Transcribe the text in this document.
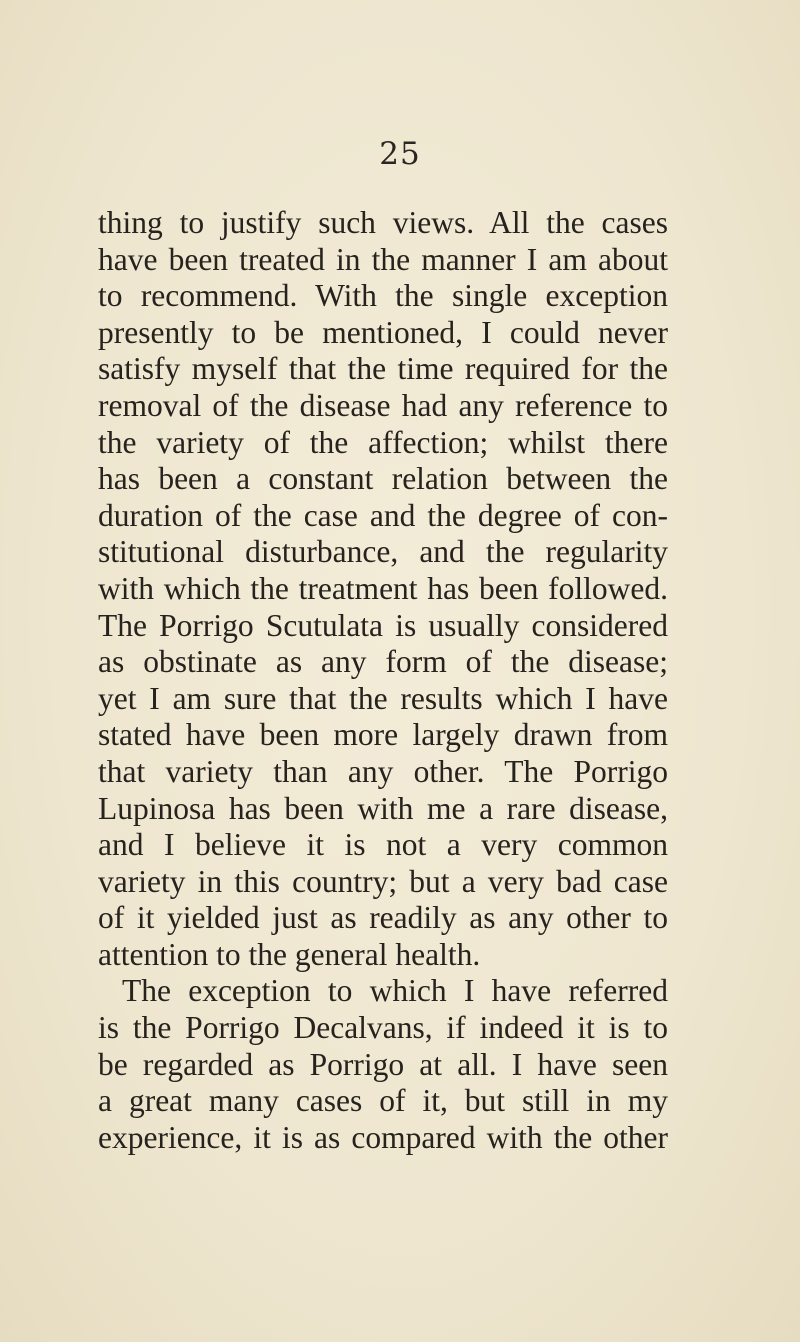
25
thing to justify such views. All the cases
have been treated in the manner I am about
to recommend. With the single exception
presently to be mentioned, I could never
satisfy myself that the time required for the
removal of the disease had any reference to
the variety of the affection; whilst there
has been a constant relation between the
duration of the case and the degree of con-
stitutional disturbance, and the regularity
with which the treatment has been followed.
The Porrigo Scutulata is usually considered
as obstinate as any form of the disease;
yet I am sure that the results which I have
stated have been more largely drawn from
that variety than any other. The Porrigo
Lupinosa has been with me a rare disease,
and I believe it is not a very common
variety in this country; but a very bad case
of it yielded just as readily as any other to
attention to the general health.
The exception to which I have referred
is the Porrigo Decalvans, if indeed it is to
be regarded as Porrigo at all. I have seen
a great many cases of it, but still in my
experience, it is as compared with the other
